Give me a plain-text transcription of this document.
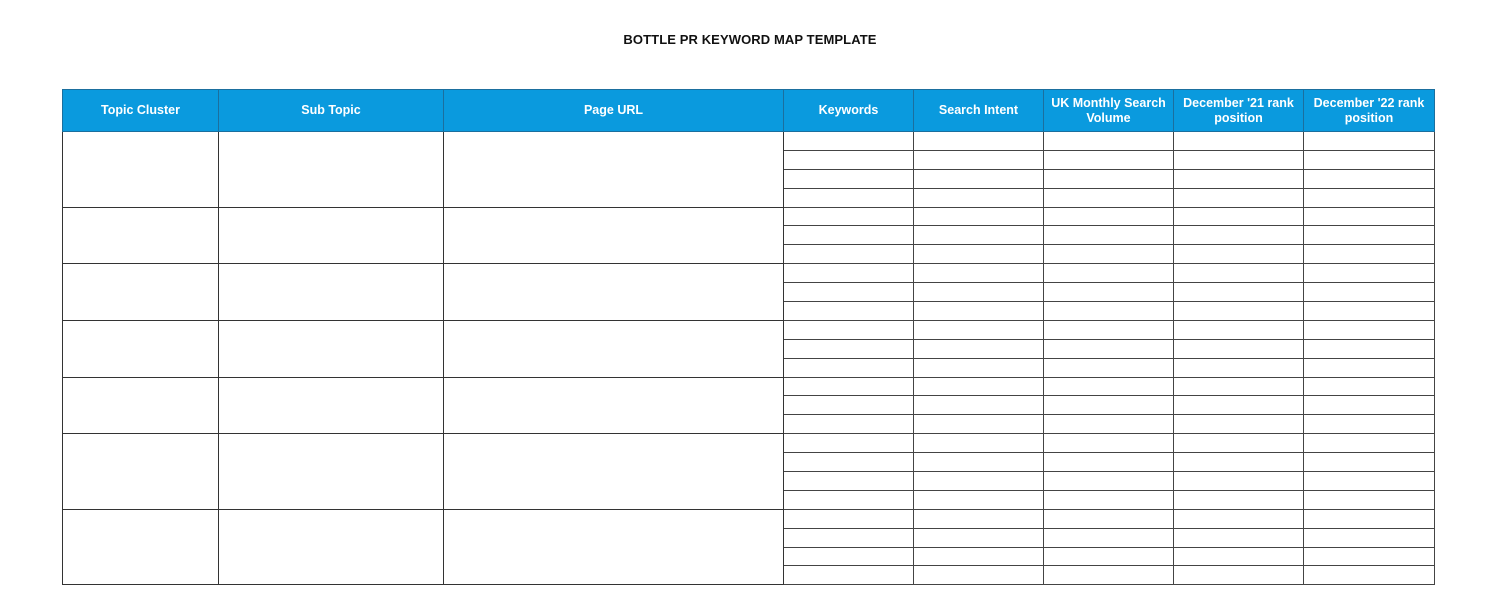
BOTTLE PR KEYWORD MAP TEMPLATE
Topic Cluster	Sub Topic	Page URL	Keywords	Search Intent	UK Monthly Search Volume	December '21 rank position	December '22 rank position
